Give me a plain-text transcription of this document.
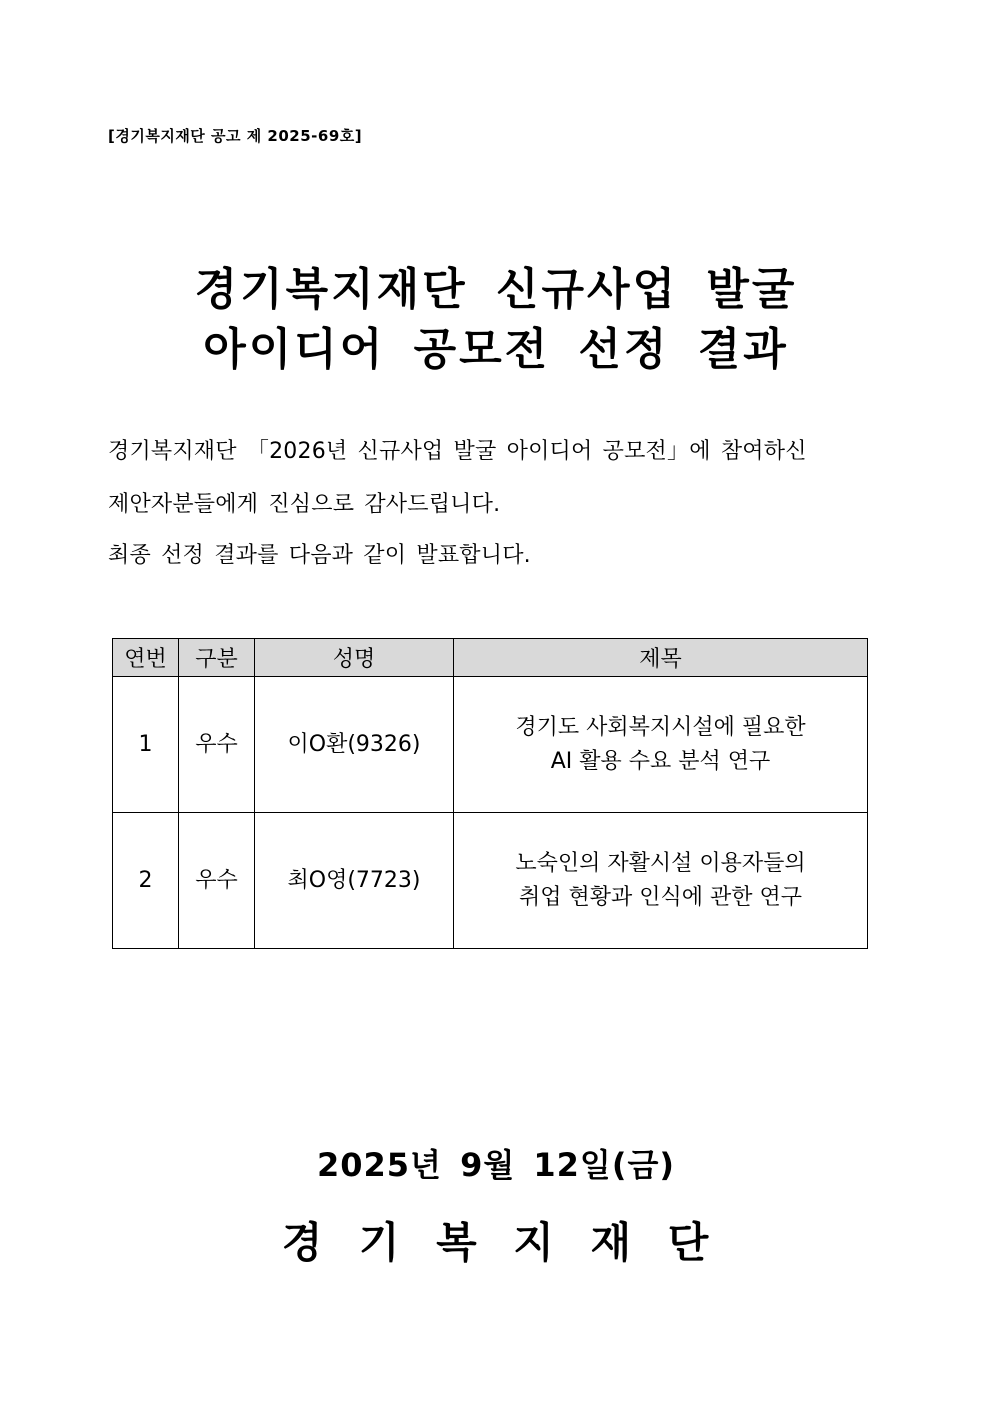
[경기복지재단 공고 제 2025-69호]
경기복지재단 신규사업 발굴
아이디어 공모전 선정 결과
경기복지재단 「2026년 신규사업 발굴 아이디어 공모전」에 참여하신
제안자분들에게 진심으로 감사드립니다.
최종 선정 결과를 다음과 같이 발표합니다.
연번	구분	성명	제목
1	우수	이O환(9326)	경기도 사회복지시설에 필요한
AI 활용 수요 분석 연구

2	우수	최O영(7723)	노숙인의 자활시설 이용자들의
취업 현황과 인식에 관한 연구
2025년 9월 12일(금)
경 기 복 지 재 단
